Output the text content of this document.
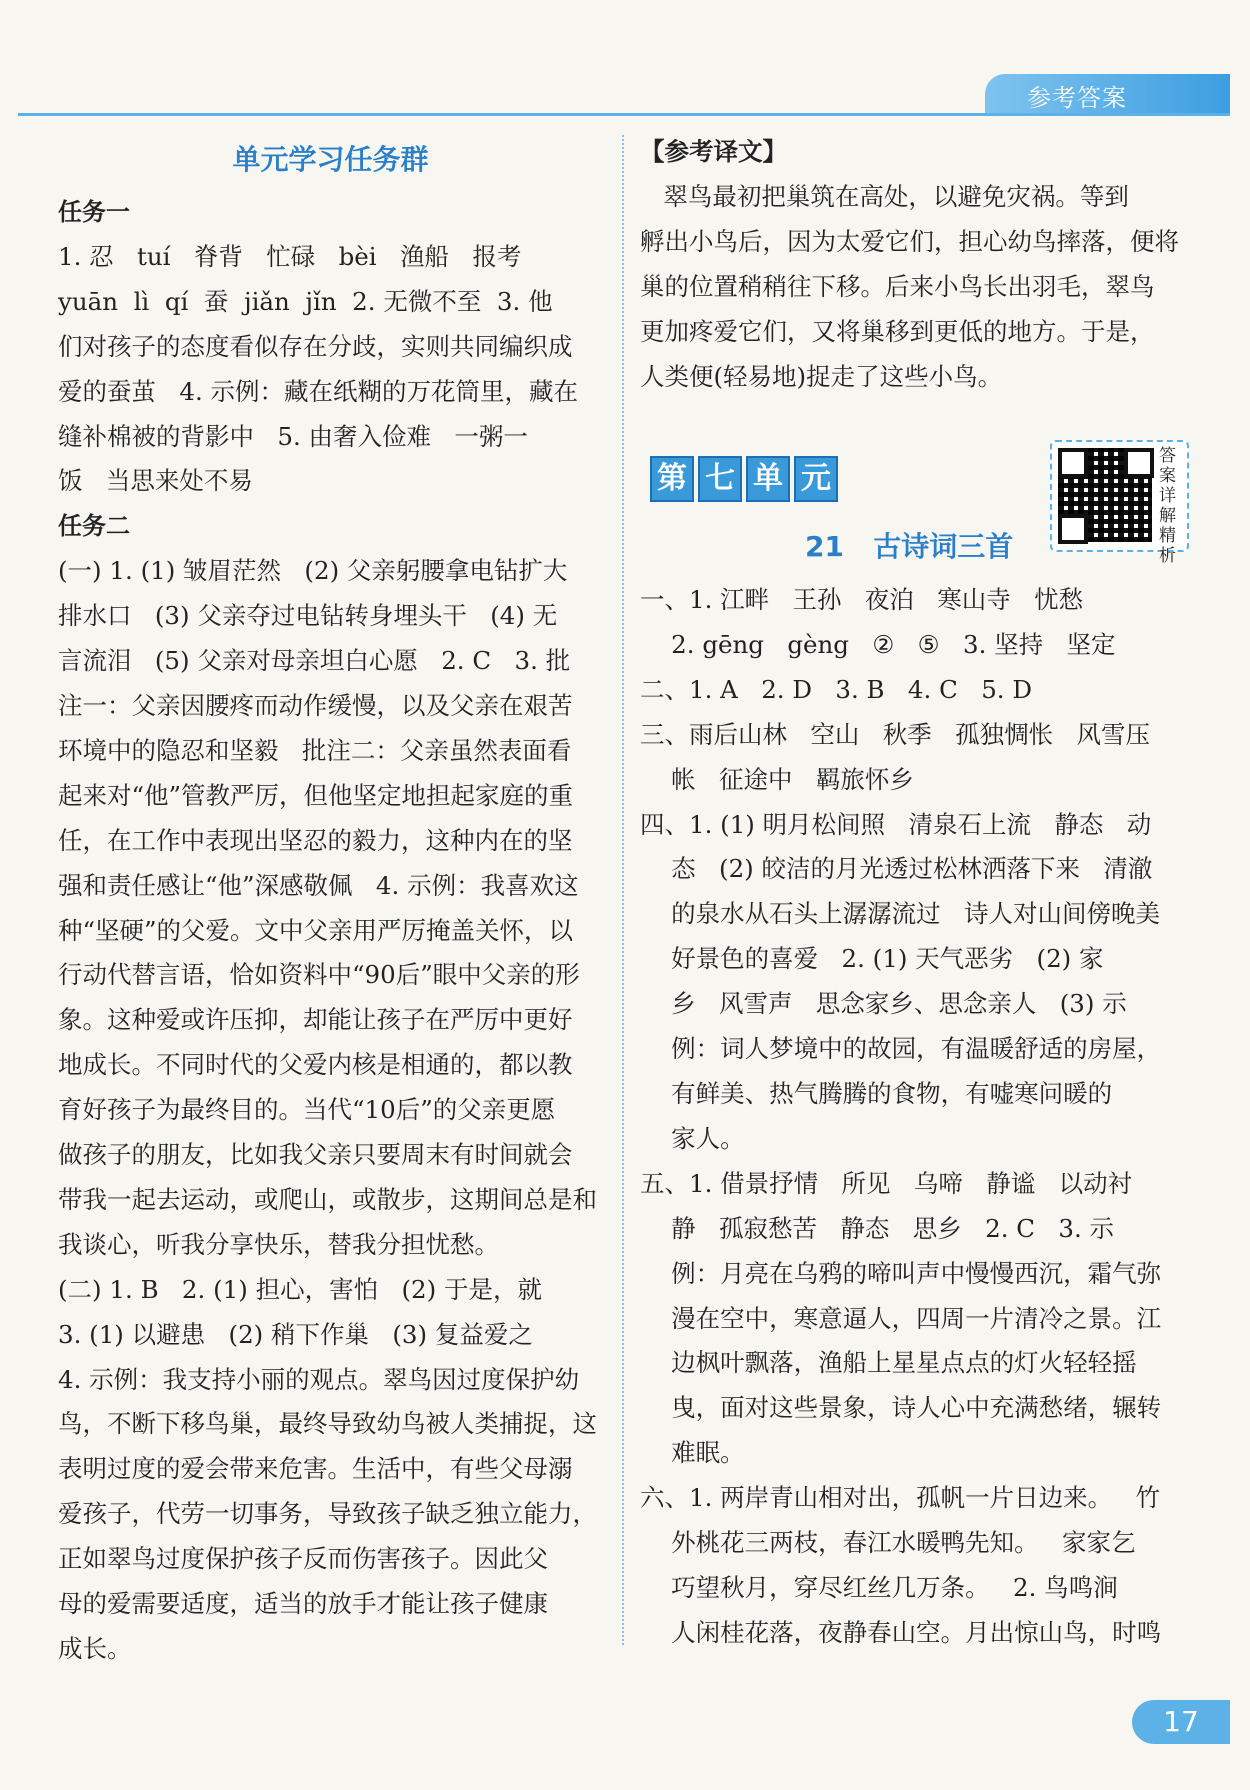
参考答案
单元学习任务群
任务一

1. 忍   tuí   脊背   忙碌   bèi   渔船   报考

yuān  lì  qí  蚕  jiǎn  jǐn  2. 无微不至  3. 他

们对孩子的态度看似存在分歧，实则共同编织成

爱的蚕茧   4. 示例：藏在纸糊的万花筒里，藏在

缝补棉被的背影中   5. 由奢入俭难   一粥一

饭   当思来处不易

任务二

(一) 1. (1) 皱眉茫然   (2) 父亲躬腰拿电钻扩大

排水口   (3) 父亲夺过电钻转身埋头干   (4) 无

言流泪   (5) 父亲对母亲坦白心愿   2. C   3. 批

注一：父亲因腰疼而动作缓慢，以及父亲在艰苦

环境中的隐忍和坚毅   批注二：父亲虽然表面看

起来对“他”管教严厉，但他坚定地担起家庭的重

任，在工作中表现出坚忍的毅力，这种内在的坚

强和责任感让“他”深感敬佩   4. 示例：我喜欢这

种“坚硬”的父爱。文中父亲用严厉掩盖关怀，以

行动代替言语，恰如资料中“90后”眼中父亲的形

象。这种爱或许压抑，却能让孩子在严厉中更好

地成长。不同时代的父爱内核是相通的，都以教

育好孩子为最终目的。当代“10后”的父亲更愿

做孩子的朋友，比如我父亲只要周末有时间就会

带我一起去运动，或爬山，或散步，这期间总是和

我谈心，听我分享快乐，替我分担忧愁。

(二) 1. B   2. (1) 担心，害怕   (2) 于是，就

3. (1) 以避患   (2) 稍下作巢   (3) 复益爱之

4. 示例：我支持小丽的观点。翠鸟因过度保护幼

鸟，不断下移鸟巢，最终导致幼鸟被人类捕捉，这

表明过度的爱会带来危害。生活中，有些父母溺

爱孩子，代劳一切事务，导致孩子缺乏独立能力，

正如翠鸟过度保护孩子反而伤害孩子。因此父

母的爱需要适度，适当的放手才能让孩子健康

成长。

【参考译文】

翠鸟最初把巢筑在高处，以避免灾祸。等到

孵出小鸟后，因为太爱它们，担心幼鸟摔落，便将

巢的位置稍稍往下移。后来小鸟长出羽毛，翠鸟

更加疼爱它们，又将巢移到更低的地方。于是，

人类便(轻易地)捉走了这些小鸟。

第 七 单 元
答案详解精析
21   古诗词三首

一、1. 江畔   王孙   夜泊   寒山寺   忧愁

2. gēng   gèng   ②   ⑤   3. 坚持   坚定

二、1. A   2. D   3. B   4. C   5. D

三、雨后山林   空山   秋季   孤独惆怅   风雪压

帐   征途中   羁旅怀乡

四、1. (1) 明月松间照   清泉石上流   静态   动

态   (2) 皎洁的月光透过松林洒落下来   清澈

的泉水从石头上潺潺流过   诗人对山间傍晚美

好景色的喜爱   2. (1) 天气恶劣   (2) 家

乡   风雪声   思念家乡、思念亲人   (3) 示

例：词人梦境中的故园，有温暖舒适的房屋，

有鲜美、热气腾腾的食物，有嘘寒问暖的

家人。

五、1. 借景抒情   所见   乌啼   静谧   以动衬

静   孤寂愁苦   静态   思乡   2. C   3. 示

例：月亮在乌鸦的啼叫声中慢慢西沉，霜气弥

漫在空中，寒意逼人，四周一片清冷之景。江

边枫叶飘落，渔船上星星点点的灯火轻轻摇

曳，面对这些景象，诗人心中充满愁绪，辗转

难眠。

六、1. 两岸青山相对出，孤帆一片日边来。   竹

外桃花三两枝，春江水暖鸭先知。   家家乞

巧望秋月，穿尽红丝几万条。   2. 鸟鸣涧

人闲桂花落，夜静春山空。月出惊山鸟，时鸣

17
